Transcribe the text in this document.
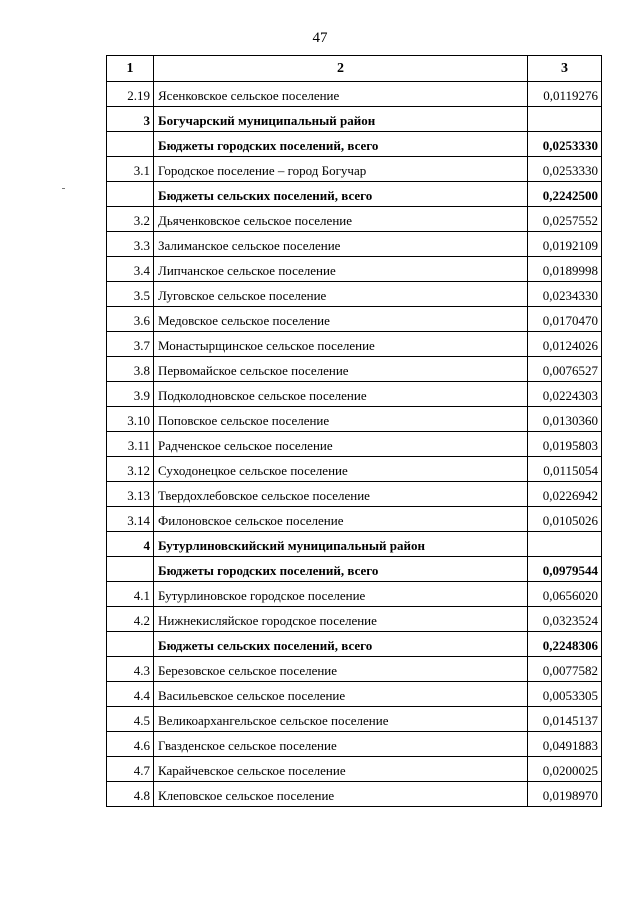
47
1	2	3
2.19	Ясенковское сельское поселение	0,0119276
3	Богучарский муниципальный район	
	Бюджеты городских поселений, всего	0,0253330
3.1	Городское поселение – город Богучар	0,0253330
	Бюджеты сельских поселений, всего	0,2242500
3.2	Дьяченковское сельское поселение	0,0257552
3.3	Залиманское сельское поселение	0,0192109
3.4	Липчанское сельское поселение	0,0189998
3.5	Луговское сельское поселение	0,0234330
3.6	Медовское сельское поселение	0,0170470
3.7	Монастырщинское сельское поселение	0,0124026
3.8	Первомайское сельское поселение	0,0076527
3.9	Подколодновское сельское поселение	0,0224303
3.10	Поповское сельское поселение	0,0130360
3.11	Радченское сельское поселение	0,0195803
3.12	Суходонецкое сельское поселение	0,0115054
3.13	Твердохлебовское сельское поселение	0,0226942
3.14	Филоновское сельское поселение	0,0105026
4	Бутурлиновскийский муниципальный район	
	Бюджеты городских поселений, всего	0,0979544
4.1	Бутурлиновское городское поселение	0,0656020
4.2	Нижнекисляйское городское поселение	0,0323524
	Бюджеты сельских поселений, всего	0,2248306
4.3	Березовское сельское поселение	0,0077582
4.4	Васильевское сельское поселение	0,0053305
4.5	Великоархангельское сельское поселение	0,0145137
4.6	Гвазденское сельское поселение	0,0491883
4.7	Карайчевское сельское поселение	0,0200025
4.8	Клеповское сельское поселение	0,0198970
